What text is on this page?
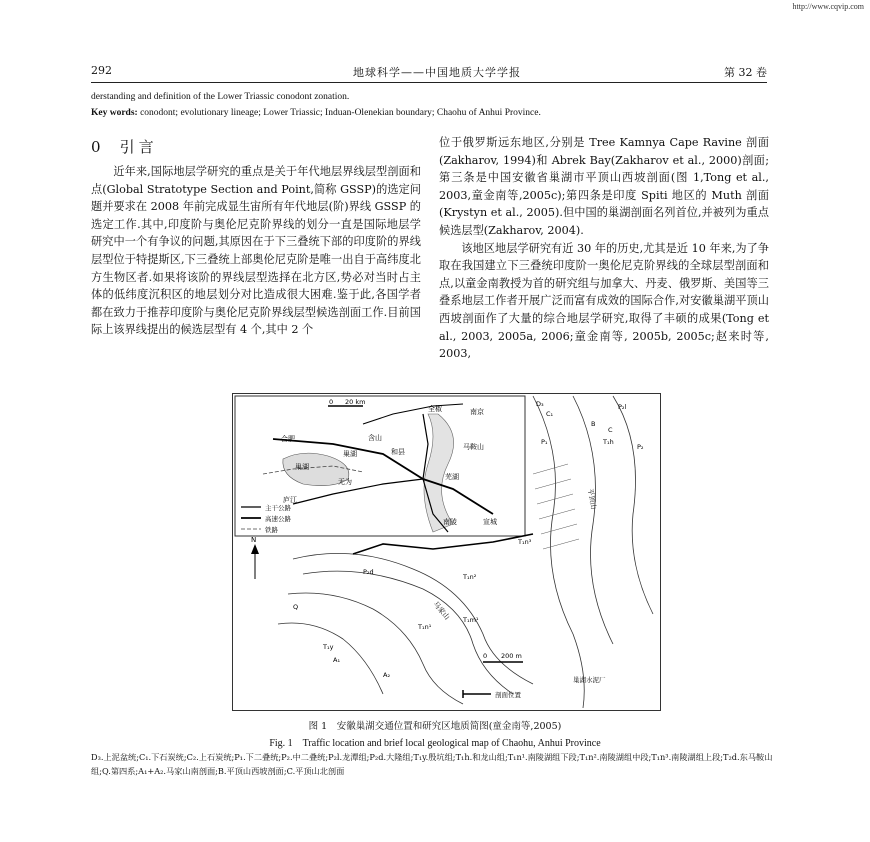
http://www.cqvip.com
292	地球科学——中国地质大学学报	第 32 卷
derstanding and definition of the Lower Triassic conodont zonation.
Key words: conodont; evolutionary lineage; Lower Triassic; Induan-Olenekian boundary; Chaohu of Anhui Province.
0 引言

近年来,国际地层学研究的重点是关于年代地层界线层型剖面和点(Global Stratotype Section and Point,简称 GSSP)的选定问题并要求在 2008 年前完成显生宙所有年代地层(阶)界线 GSSP 的选定工作.其中,印度阶与奥伦尼克阶界线的划分一直是国际地层学研究中一个有争议的问题,其原因在于下三叠统下部的印度阶的界线层型位于特提斯区,下三叠统上部奥伦尼克阶是唯一出自于高纬度北方生物区者.如果将该阶的界线层型选择在北方区,势必对当时占主体的低纬度沉积区的地层划分对比造成很大困难.鉴于此,各国学者都在致力于推荐印度阶与奥伦尼克阶界线层型候选剖面工作.目前国际上该界线提出的候选层型有 4 个,其中 2 个

位于俄罗斯远东地区,分别是 Tree Kamnya Cape Ravine 剖面(Zakharov, 1994)和 Abrek Bay(Zakharov et al., 2000)剖面;第三条是中国安徽省巢湖市平顶山西坡剖面(图 1,Tong et al., 2003,童金南等,2005c);第四条是印度 Spiti 地区的 Muth 剖面(Krystyn et al., 2005).但中国的巢湖剖面名列首位,并被列为重点候选层型(Zakharov, 2004).

该地区地层学研究有近 30 年的历史,尤其是近 10 年来,为了争取在我国建立下三叠统印度阶一奥伦尼克阶界线的全球层型剖面和点,以童金南教授为首的研究组与加拿大、丹麦、俄罗斯、美国等三叠系地层工作者开展广泛而富有成效的国际合作,对安徽巢湖平顶山西坡剖面作了大量的综合地层学研究,取得了丰硕的成果(Tong et al., 2003, 2005a, 2006;童金南等, 2005b, 2005c;赵来时等, 2003,

0 20 km
全椒	南京
合肥	含山
和县
马鞍山
巢湖
巢湖
芜湖
庐江
无为
南陵	宣城
主干公路
高速公路
铁路
N
D₃
C₁
P₁
P₂
P₂l
P₂d
T₁y
T₁h
Q
T₁n¹
T₁n²
T₁n³
T₁m¹
A₁
A₂
B
C
马家山
平顶山
0 200 m
巢湖水泥厂
剖面位置
图 1　安徽巢湖交通位置和研究区地质简图(童金南等,2005)
Fig. 1　Traffic location and brief local geological map of Chaohu, Anhui Province
D₃.上泥盆统;C₁.下石炭统;C₂.上石炭统;P₁.下二叠统;P₂.中二叠统;P₂l.龙潭组;P₂d.大隆组;T₁y.殷坑组;T₁h.和龙山组;T₁n¹.南陵湖组下段;T₁n².南陵湖组中段;T₁n³.南陵湖组上段;T₂d.东马鞍山组;Q.第四系;A₁+A₂.马家山南剖面;B.平顶山西坡剖面;C.平顶山北剖面
